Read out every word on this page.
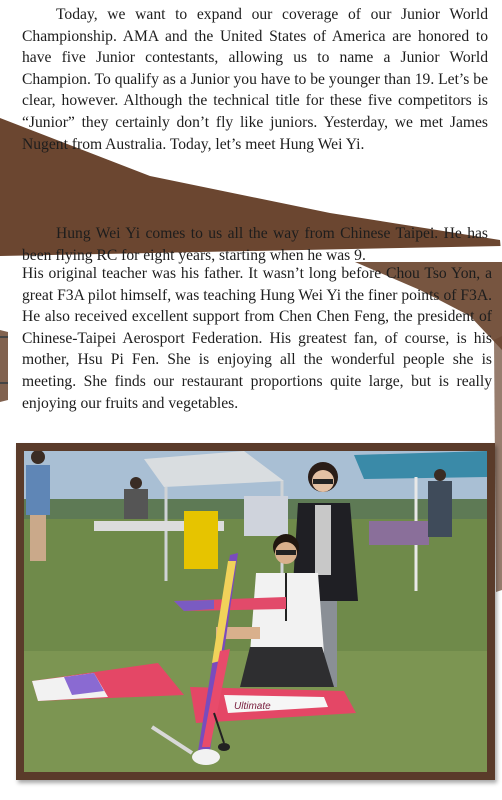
Today, we want to expand our coverage of our Junior World Championship. AMA and the United States of America are honored to have five Junior contestants, allowing us to name a Junior World Champion. To qualify as a Junior you have to be younger than 19. Let’s be clear, however. Although the technical title for these five competitors is “Junior” they certainly don’t fly like juniors. Yesterday, we met James Nugent from Australia. Today, let’s meet Hung Wei Yi.

Hung Wei Yi comes to us all the way from Chinese Taipei. He has been flying RC for eight years, starting when he was 9.

His original teacher was his father. It wasn’t long before Chou Tso Yon, a great F3A pilot himself, was teaching Hung Wei Yi the finer points of F3A. He also received excellent support from Chen Chen Feng, the president of Chinese-Taipei Aerosport Federation. His greatest fan, of course, is his mother, Hsu Pi Fen. She is enjoying all the wonderful people she is meeting. She finds our restaurant proportions quite large, but is really enjoying our fruits and vegetables.

Ultimate
